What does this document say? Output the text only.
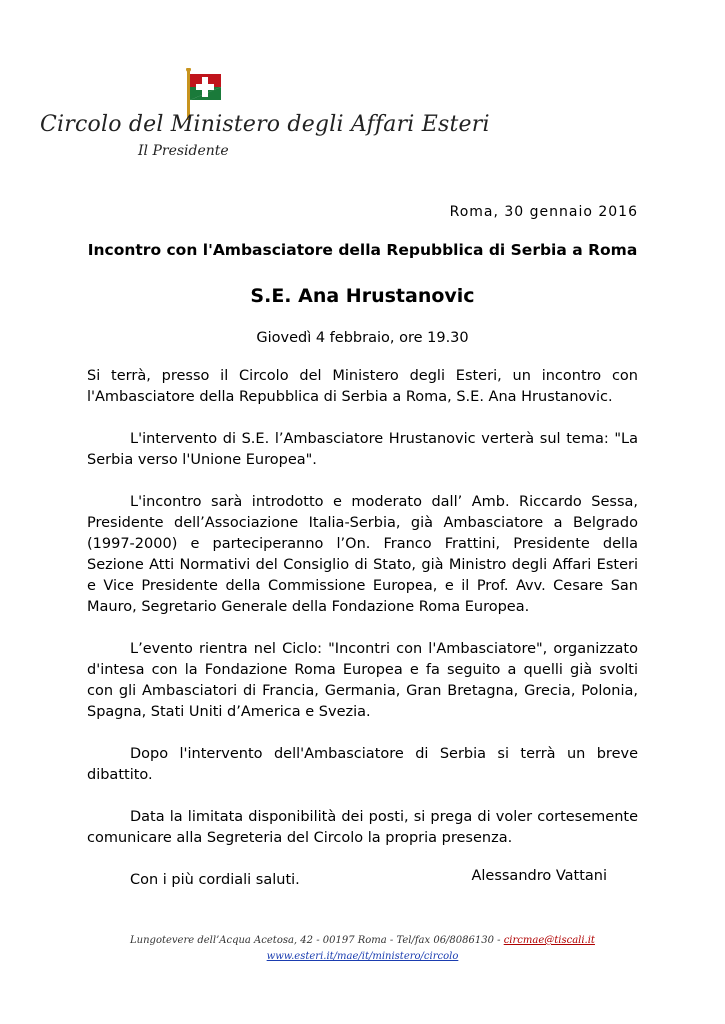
Circolo del Ministero degli Affari Esteri
Il Presidente
Roma, 30 gennaio 2016
Incontro con l'Ambasciatore della Repubblica di Serbia a Roma
S.E. Ana Hrustanovic
Giovedì 4 febbraio, ore 19.30

Si terrà, presso il Circolo del Ministero degli Esteri, un incontro con l'Ambasciatore della Repubblica di Serbia a Roma, S.E. Ana Hrustanovic.

L'intervento di S.E. l’Ambasciatore Hrustanovic verterà sul tema: "La Serbia verso l'Unione Europea".

L'incontro sarà introdotto e moderato dall’ Amb. Riccardo Sessa, Presidente dell’Associazione Italia-Serbia, già Ambasciatore a Belgrado (1997-2000) e parteciperanno l’On. Franco Frattini, Presidente della Sezione Atti Normativi del Consiglio di Stato, già Ministro degli Affari Esteri e Vice Presidente della Commissione Europea, e il Prof. Avv. Cesare San Mauro, Segretario Generale della Fondazione Roma Europea.

L’evento rientra nel Ciclo: "Incontri con l'Ambasciatore", organizzato d'intesa con la Fondazione Roma Europea e fa seguito a quelli già svolti con gli Ambasciatori di Francia, Germania, Gran Bretagna, Grecia, Polonia, Spagna, Stati Uniti d’America e Svezia.

Dopo l'intervento dell'Ambasciatore di Serbia si terrà un breve dibattito.

Data la limitata disponibilità dei posti, si prega di voler cortesemente comunicare alla Segreteria del Circolo la propria presenza.

Con i più cordiali saluti.	Alessandro Vattani
Lungotevere dell’Acqua Acetosa, 42 - 00197 Roma - Tel/fax 06/8086130 - circmae@tiscali.it
www.esteri.it/mae/it/ministero/circolo
